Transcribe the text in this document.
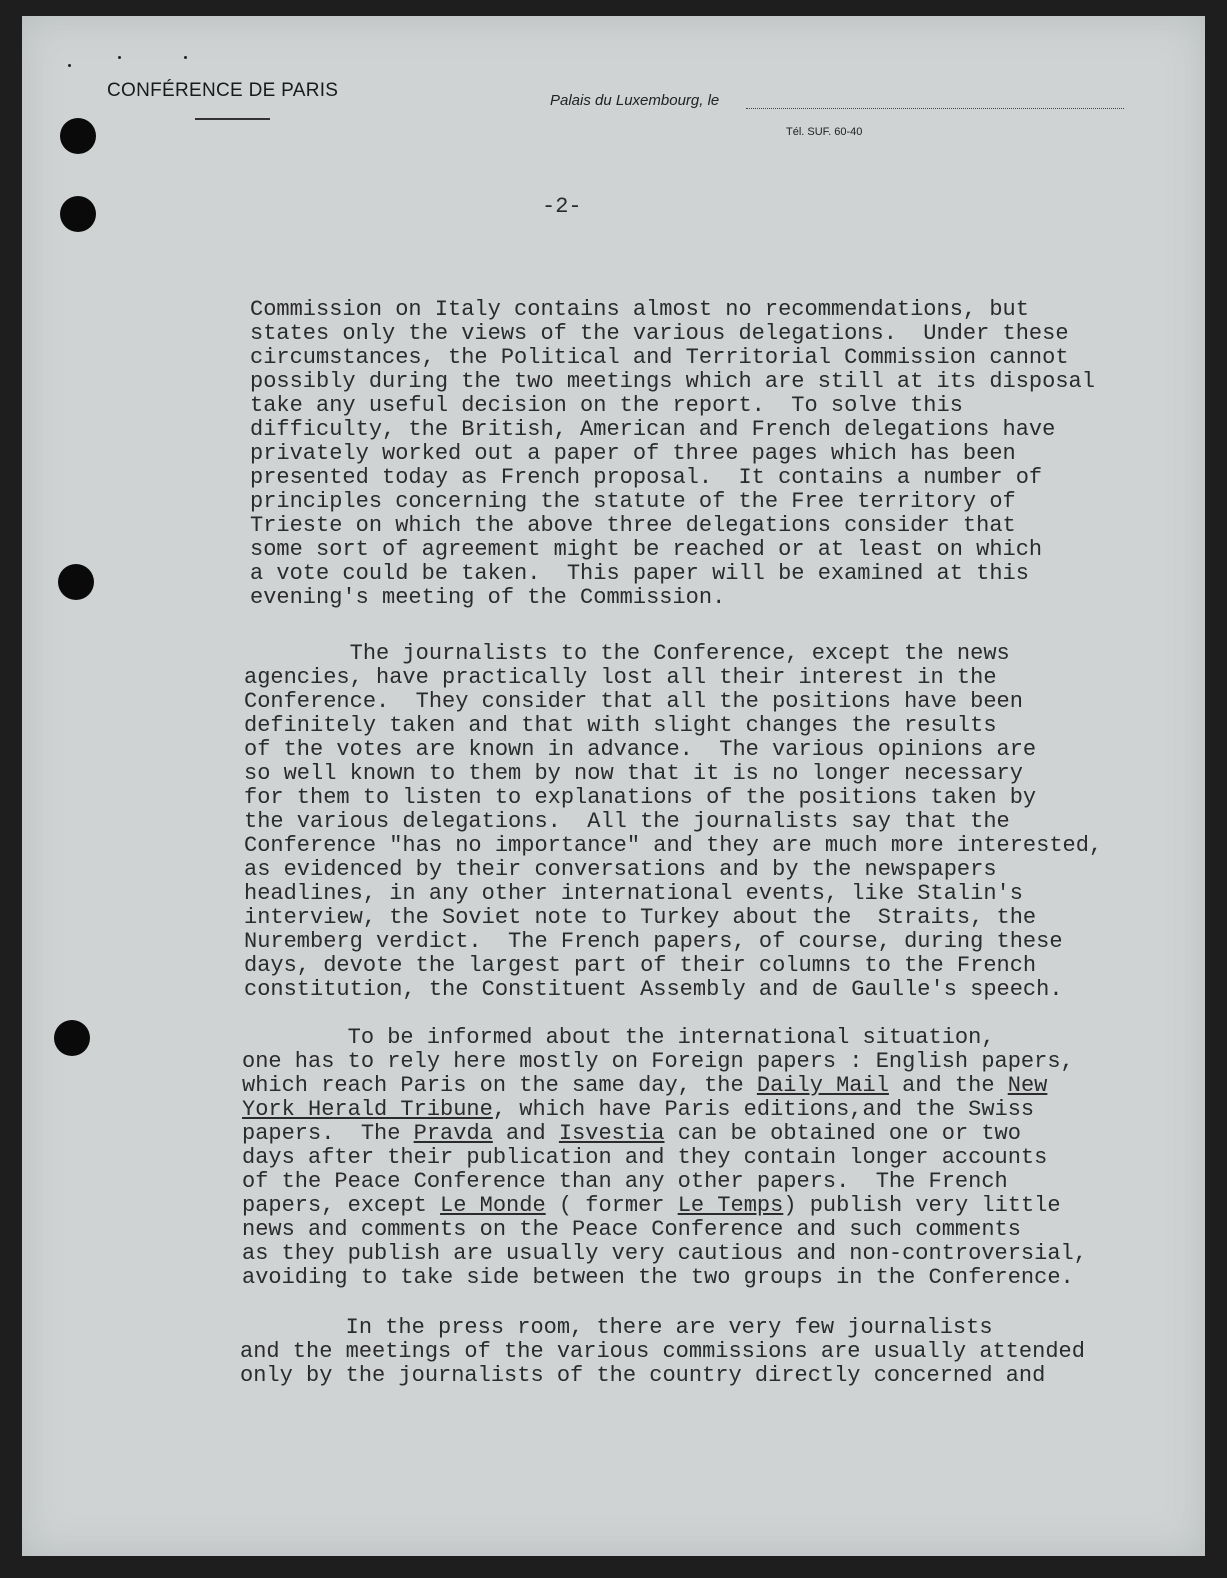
CONFÉRENCE DE PARIS	Palais du Luxembourg, le
Tél. SUF. 60-40
-2-
Commission on Italy contains almost no recommendations, but
states only the views of the various delegations.  Under these
circumstances, the Political and Territorial Commission cannot
possibly during the two meetings which are still at its disposal
take any useful decision on the report.  To solve this
difficulty, the British, American and French delegations have
privately worked out a paper of three pages which has been
presented today as French proposal.  It contains a number of
principles concerning the statute of the Free territory of
Trieste on which the above three delegations consider that
some sort of agreement might be reached or at least on which
a vote could be taken.  This paper will be examined at this
evening's meeting of the Commission.
The journalists to the Conference, except the news
agencies, have practically lost all their interest in the
Conference.  They consider that all the positions have been
definitely taken and that with slight changes the results
of the votes are known in advance.  The various opinions are
so well known to them by now that it is no longer necessary
for them to listen to explanations of the positions taken by
the various delegations.  All the journalists say that the
Conference "has no importance" and they are much more interested,
as evidenced by their conversations and by the newspapers
headlines, in any other international events, like Stalin's
interview, the Soviet note to Turkey about the  Straits, the
Nuremberg verdict.  The French papers, of course, during these
days, devote the largest part of their columns to the French
constitution, the Constituent Assembly and de Gaulle's speech.
To be informed about the international situation,
one has to rely here mostly on Foreign papers : English papers,
which reach Paris on the same day, the Daily Mail and the New
York Herald Tribune, which have Paris editions,and the Swiss
papers.  The Pravda and Isvestia can be obtained one or two
days after their publication and they contain longer accounts
of the Peace Conference than any other papers.  The French
papers, except Le Monde ( former Le Temps) publish very little
news and comments on the Peace Conference and such comments
as they publish are usually very cautious and non-controversial,
avoiding to take side between the two groups in the Conference.
In the press room, there are very few journalists
and the meetings of the various commissions are usually attended
only by the journalists of the country directly concerned and
